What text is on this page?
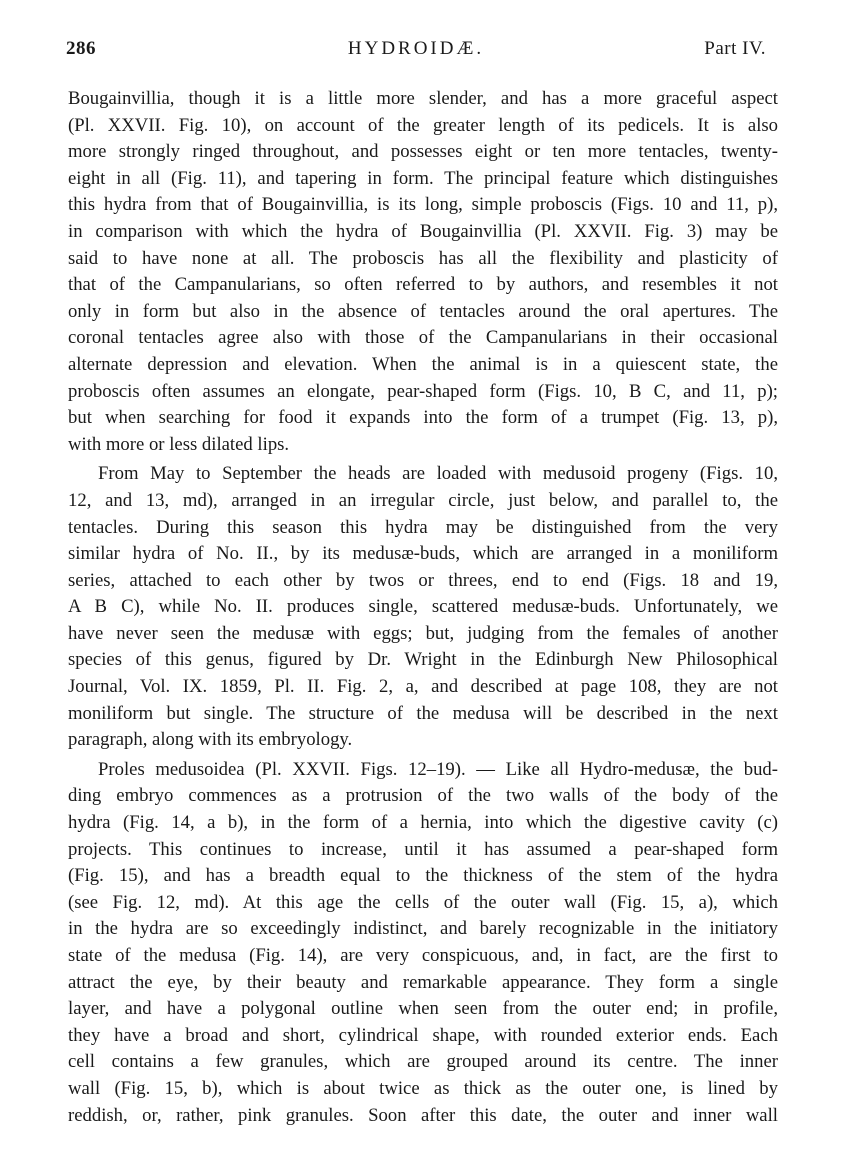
286	HYDROIDÆ.	Part IV.
Bougainvillia, though it is a little more slender, and has a more graceful aspect
(Pl. XXVII. Fig. 10), on account of the greater length of its pedicels. It is also
more strongly ringed throughout, and possesses eight or ten more tentacles, twenty-
eight in all (Fig. 11), and tapering in form. The principal feature which distinguishes
this hydra from that of Bougainvillia, is its long, simple proboscis (Figs. 10 and 11, p),
in comparison with which the hydra of Bougainvillia (Pl. XXVII. Fig. 3) may be
said to have none at all. The proboscis has all the flexibility and plasticity of
that of the Campanularians, so often referred to by authors, and resembles it not
only in form but also in the absence of tentacles around the oral apertures. The
coronal tentacles agree also with those of the Campanularians in their occasional
alternate depression and elevation. When the animal is in a quiescent state, the
proboscis often assumes an elongate, pear-shaped form (Figs. 10, B C, and 11, p);
but when searching for food it expands into the form of a trumpet (Fig. 13, p),
with more or less dilated lips.
From May to September the heads are loaded with medusoid progeny (Figs. 10,
12, and 13, md), arranged in an irregular circle, just below, and parallel to, the
tentacles. During this season this hydra may be distinguished from the very
similar hydra of No. II., by its medusæ-buds, which are arranged in a moniliform
series, attached to each other by twos or threes, end to end (Figs. 18 and 19,
A B C), while No. II. produces single, scattered medusæ-buds. Unfortunately, we
have never seen the medusæ with eggs; but, judging from the females of another
species of this genus, figured by Dr. Wright in the Edinburgh New Philosophical
Journal, Vol. IX. 1859, Pl. II. Fig. 2, a, and described at page 108, they are not
moniliform but single. The structure of the medusa will be described in the next
paragraph, along with its embryology.
Proles medusoidea (Pl. XXVII. Figs. 12–19). — Like all Hydro-medusæ, the bud-
ding embryo commences as a protrusion of the two walls of the body of the
hydra (Fig. 14, a b), in the form of a hernia, into which the digestive cavity (c)
projects. This continues to increase, until it has assumed a pear-shaped form
(Fig. 15), and has a breadth equal to the thickness of the stem of the hydra
(see Fig. 12, md). At this age the cells of the outer wall (Fig. 15, a), which
in the hydra are so exceedingly indistinct, and barely recognizable in the initiatory
state of the medusa (Fig. 14), are very conspicuous, and, in fact, are the first to
attract the eye, by their beauty and remarkable appearance. They form a single
layer, and have a polygonal outline when seen from the outer end; in profile,
they have a broad and short, cylindrical shape, with rounded exterior ends. Each
cell contains a few granules, which are grouped around its centre. The inner
wall (Fig. 15, b), which is about twice as thick as the outer one, is lined by
reddish, or, rather, pink granules. Soon after this date, the outer and inner wall
